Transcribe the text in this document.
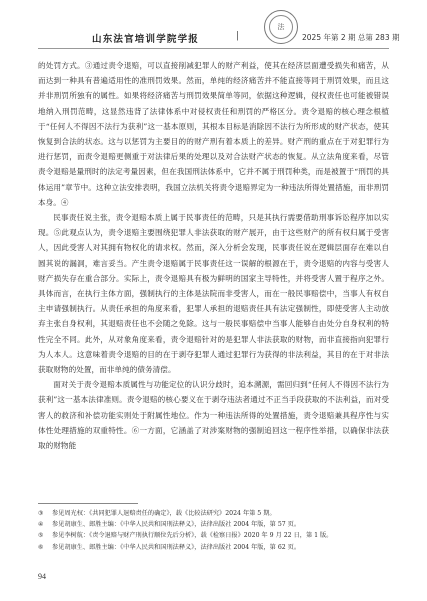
山东法官培训学院学报	|
法
2025 年第 2 期 总第 283 期

的处罚方式。③通过责令退赔，可以直接削减犯罪人的财产利益，使其在经济层面遭受损失和痛苦，从而达到一种具有普遍适用性的准刑罚效果。然而，单纯的经济痛苦并不能直接等同于刑罚效果，而且这并非刑罚所独有的属性。如果将经济痛苦与刑罚效果简单等同，依据这种逻辑，侵权责任也可能被错误地纳入刑罚范畴，这显然违背了法律体系中对侵权责任和刑罚的严格区分。责令退赔的核心理念根植于“任何人不得因不法行为获利”这一基本原则，其根本目标是消除因不法行为所形成的财产状态，使其恢复到合法的状态。这与以惩罚为主要目的的财产刑有着本质上的差异。财产刑的重点在于对犯罪行为进行惩罚，而责令退赔更侧重于对法律后果的处理以及对合法财产状态的恢复。从立法角度来看，尽管责令退赔是量刑时的法定考量因素，但在我国刑法体系中，它并不属于刑罚种类，而是被置于“刑罚的具体运用”章节中。这种立法安排表明，我国立法机关将责令退赔界定为一种违法所得处置措施，而非刑罚本身。④

民事责任说主张，责令退赔本质上属于民事责任的范畴，只是其执行需要借助刑事诉讼程序加以实现。⑤此观点认为，责令退赔主要围绕犯罪人非法获取的财产展开，由于这些财产的所有权归属于受害人，因此受害人对其拥有物权化的请求权。然而，深入分析会发现，民事责任说在逻辑层面存在难以自圆其说的漏洞，难言妥当。产生责令退赔属于民事责任这一误解的根源在于，责令退赔的内容与受害人财产损失存在重合部分。实际上，责令退赔具有极为鲜明的国家主导特性，并将受害人置于程序之外。具体而言，在执行主体方面，强制执行的主体是法院而非受害人，而在一般民事赔偿中，当事人有权自主申请强制执行。从责任承担的角度来看，犯罪人承担的退赔责任具有法定强制性，即使受害人主动放弃主张自身权利，其退赔责任也不会随之免除。这与一般民事赔偿中当事人能够自由处分自身权利的特性完全不同。此外，从对象角度来看，责令退赔针对的是犯罪人非法获取的财物，而非直接指向犯罪行为人本人。这意味着责令退赔的目的在于剥夺犯罪人通过犯罪行为获得的非法利益，其目的在于对非法获取财物的处置，而非单纯的债务清偿。

面对关于责令退赔本质属性与功能定位的认识分歧时，追本溯源，需回归到“任何人不得因不法行为获利”这一基本法律准则。责令退赔的核心要义在于剥夺违法者通过不正当手段获取的不法利益，而对受害人的救济和补偿功能实则处于附属性地位。作为一种违法所得的处置措施，责令退赔兼具程序性与实体性处理措施的双重特性。⑥一方面，它涵盖了对涉案财物的强制追回这一程序性举措，以确保非法获取的财物能

③	参见周光权：《共同犯罪人退赔责任的确定》，载《比较法研究》2024 年第 5 期。
④	参见胡康生、郎胜主编：《中华人民共和国刑法释义》，法律出版社 2004 年版，第 57 页。
⑤	参见李树航：《责令退赔与财产刑执行顺位先后分析》，载《检察日报》2020 年 9 月 22 日，第 1 版。
⑥	参见胡康生、郎胜主编：《中华人民共和国刑法释义》，法律出版社 2004 年版，第 62 页。
94
